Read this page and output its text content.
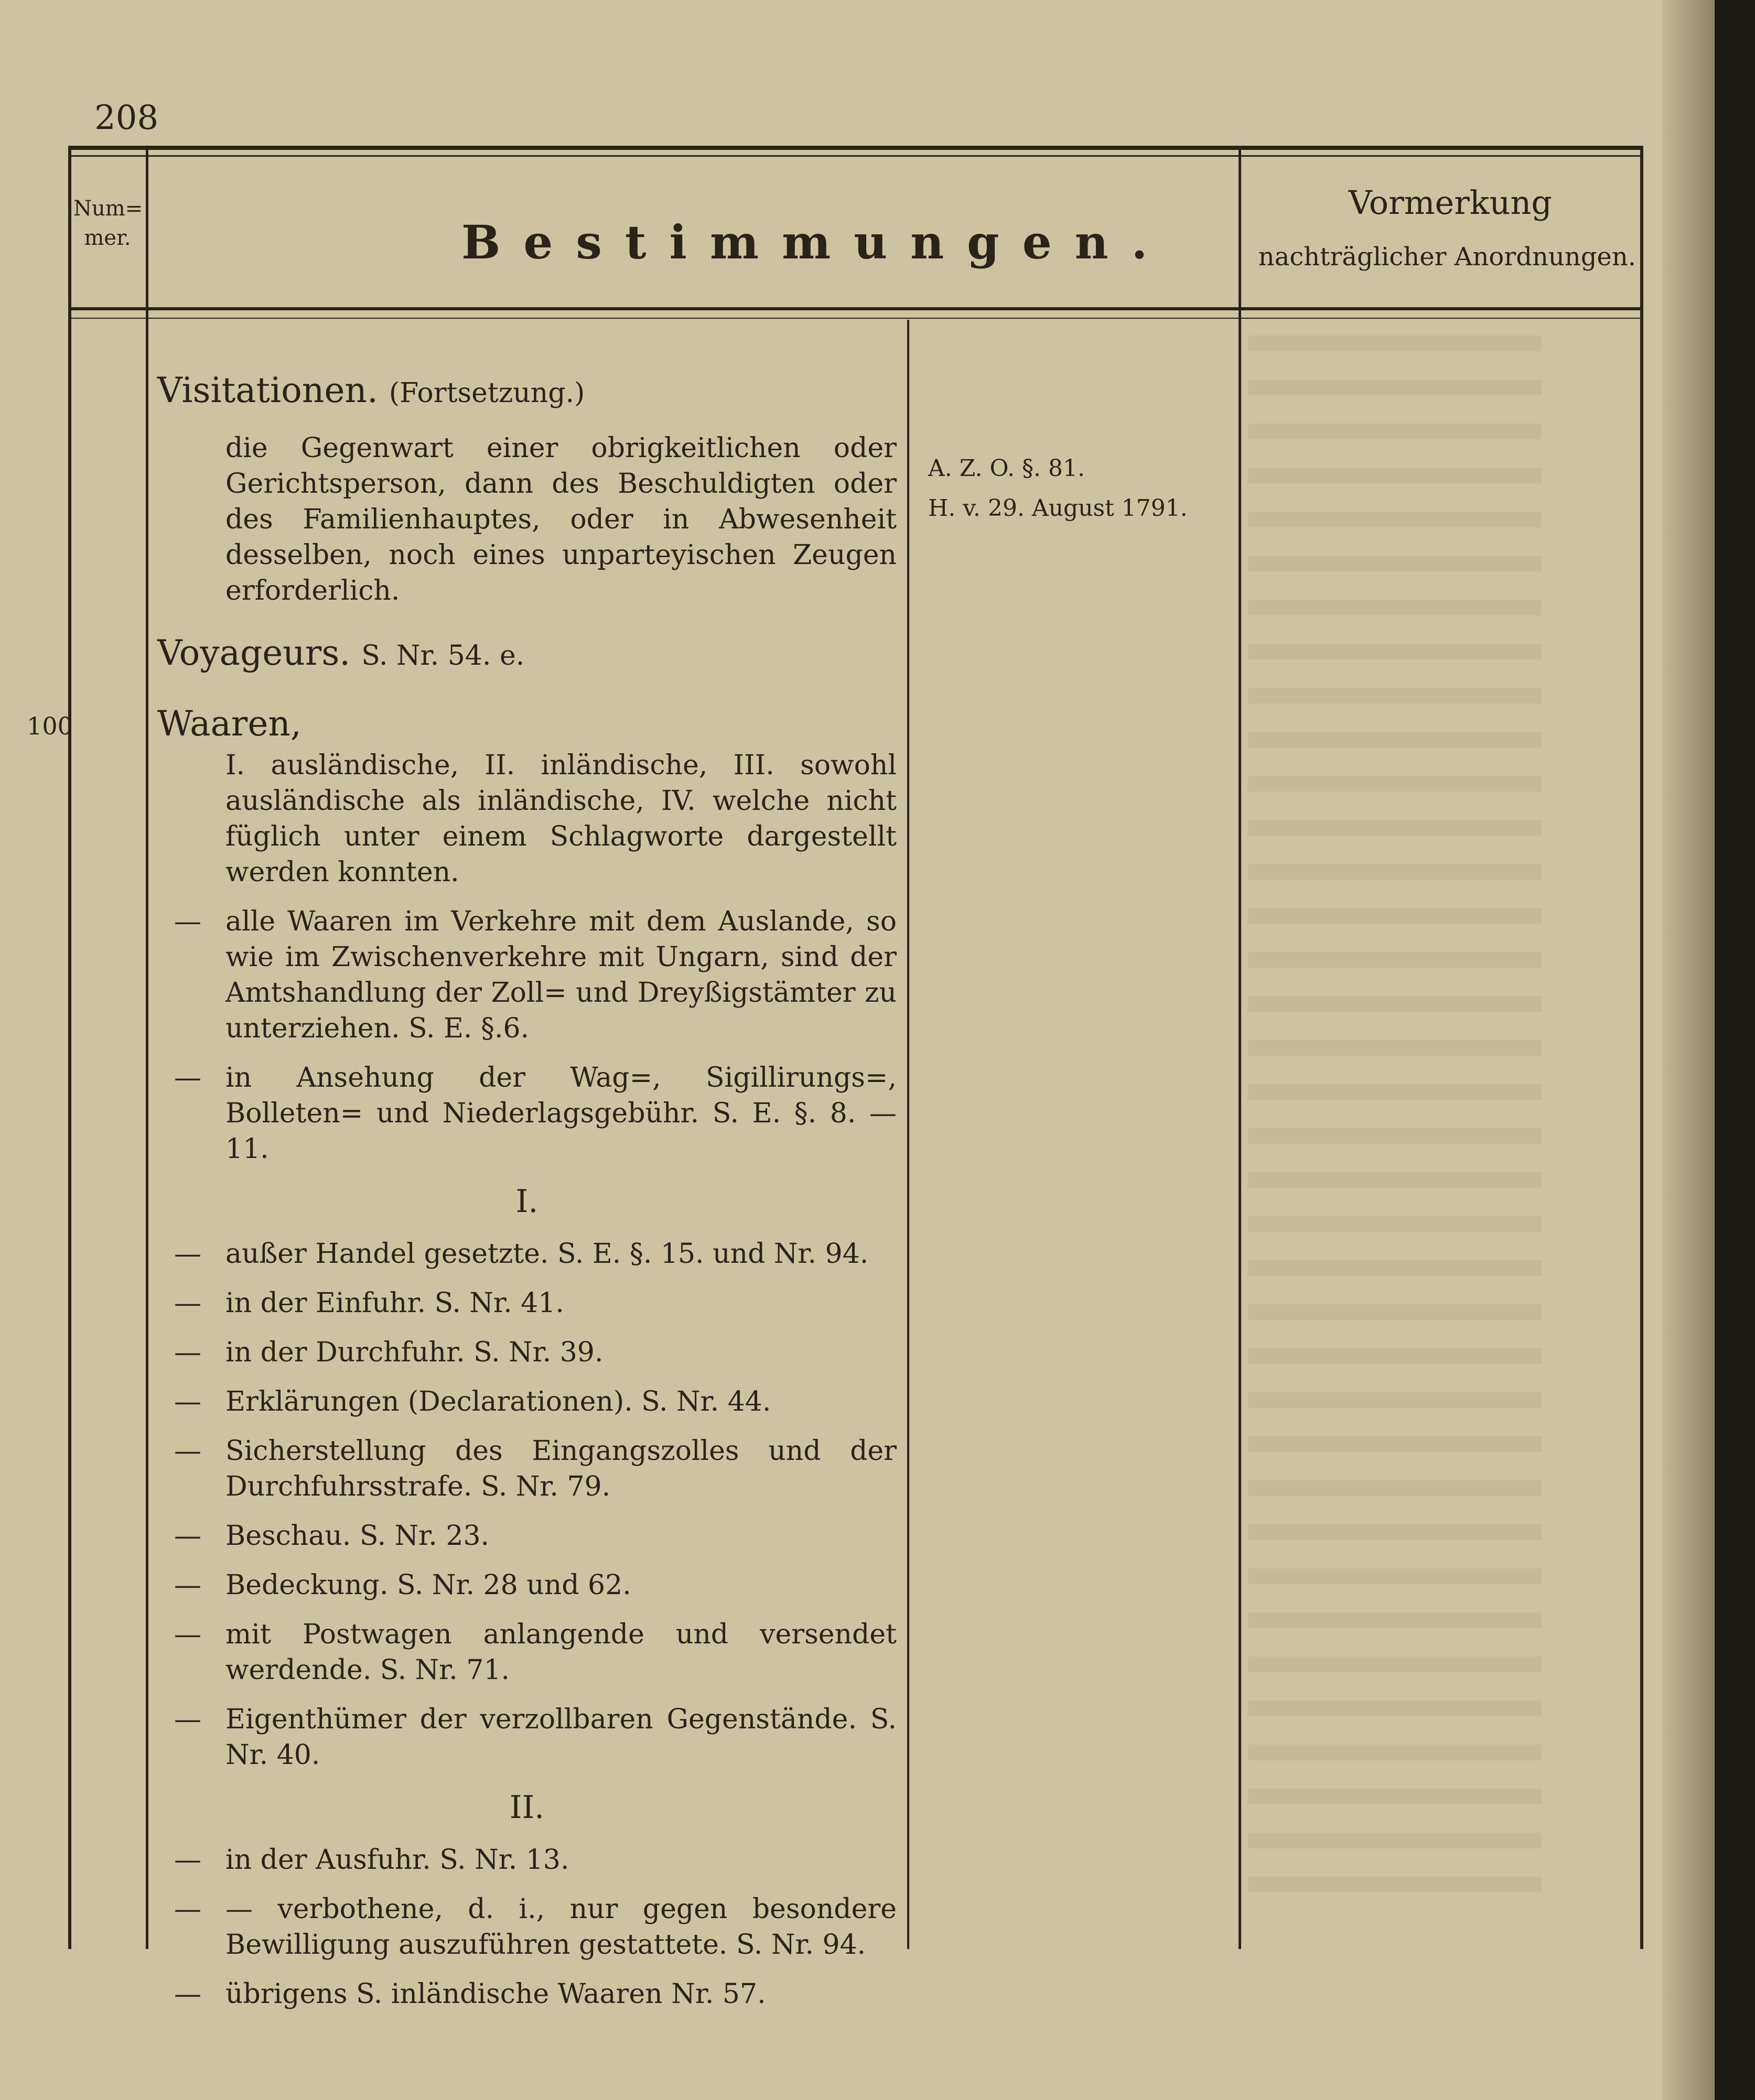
208
Num=
mer.	Bestimmungen.
Vormerkung
nachträglicher Anordnungen.
Visitationen. (Fortsetzung.)
die Gegenwart einer obrigkeitlichen oder Gerichtsperson, dann des Beschuldigten oder des Familienhauptes, oder in Abwesenheit desselben, noch eines unparteyischen Zeugen erforderlich.
Voyageurs. S. Nr. 54. e.
100	Waaren,
I. ausländische, II. inländische, III. sowohl ausländische als inländische, IV. welche nicht füglich unter einem Schlagworte dargestellt werden konnten.
— alle Waaren im Verkehre mit dem Auslande, so wie im Zwischenverkehre mit Ungarn, sind der Amtshandlung der Zoll= und Dreyßigstämter zu unterziehen. S. E. §.6.
— in Ansehung der Wag=, Sigillirungs=, Bolleten= und Niederlagsgebühr. S. E. §. 8. — 11.
I.
— außer Handel gesetzte. S. E. §. 15. und Nr. 94.
— in der Einfuhr. S. Nr. 41.
— in der Durchfuhr. S. Nr. 39.
— Erklärungen (Declarationen). S. Nr. 44.
— Sicherstellung des Eingangszolles und der Durchfuhrsstrafe. S. Nr. 79.
— Beschau. S. Nr. 23.
— Bedeckung. S. Nr. 28 und 62.
— mit Postwagen anlangende und versendet werdende. S. Nr. 71.
— Eigenthümer der verzollbaren Gegenstände. S. Nr. 40.
II.
— in der Ausfuhr. S. Nr. 13.
— — verbothene, d. i., nur gegen besondere Bewilligung auszuführen gestattete. S. Nr. 94.
— übrigens S. inländische Waaren Nr. 57.
A. Z. O. §. 81.
H. v. 29. August 1791.
